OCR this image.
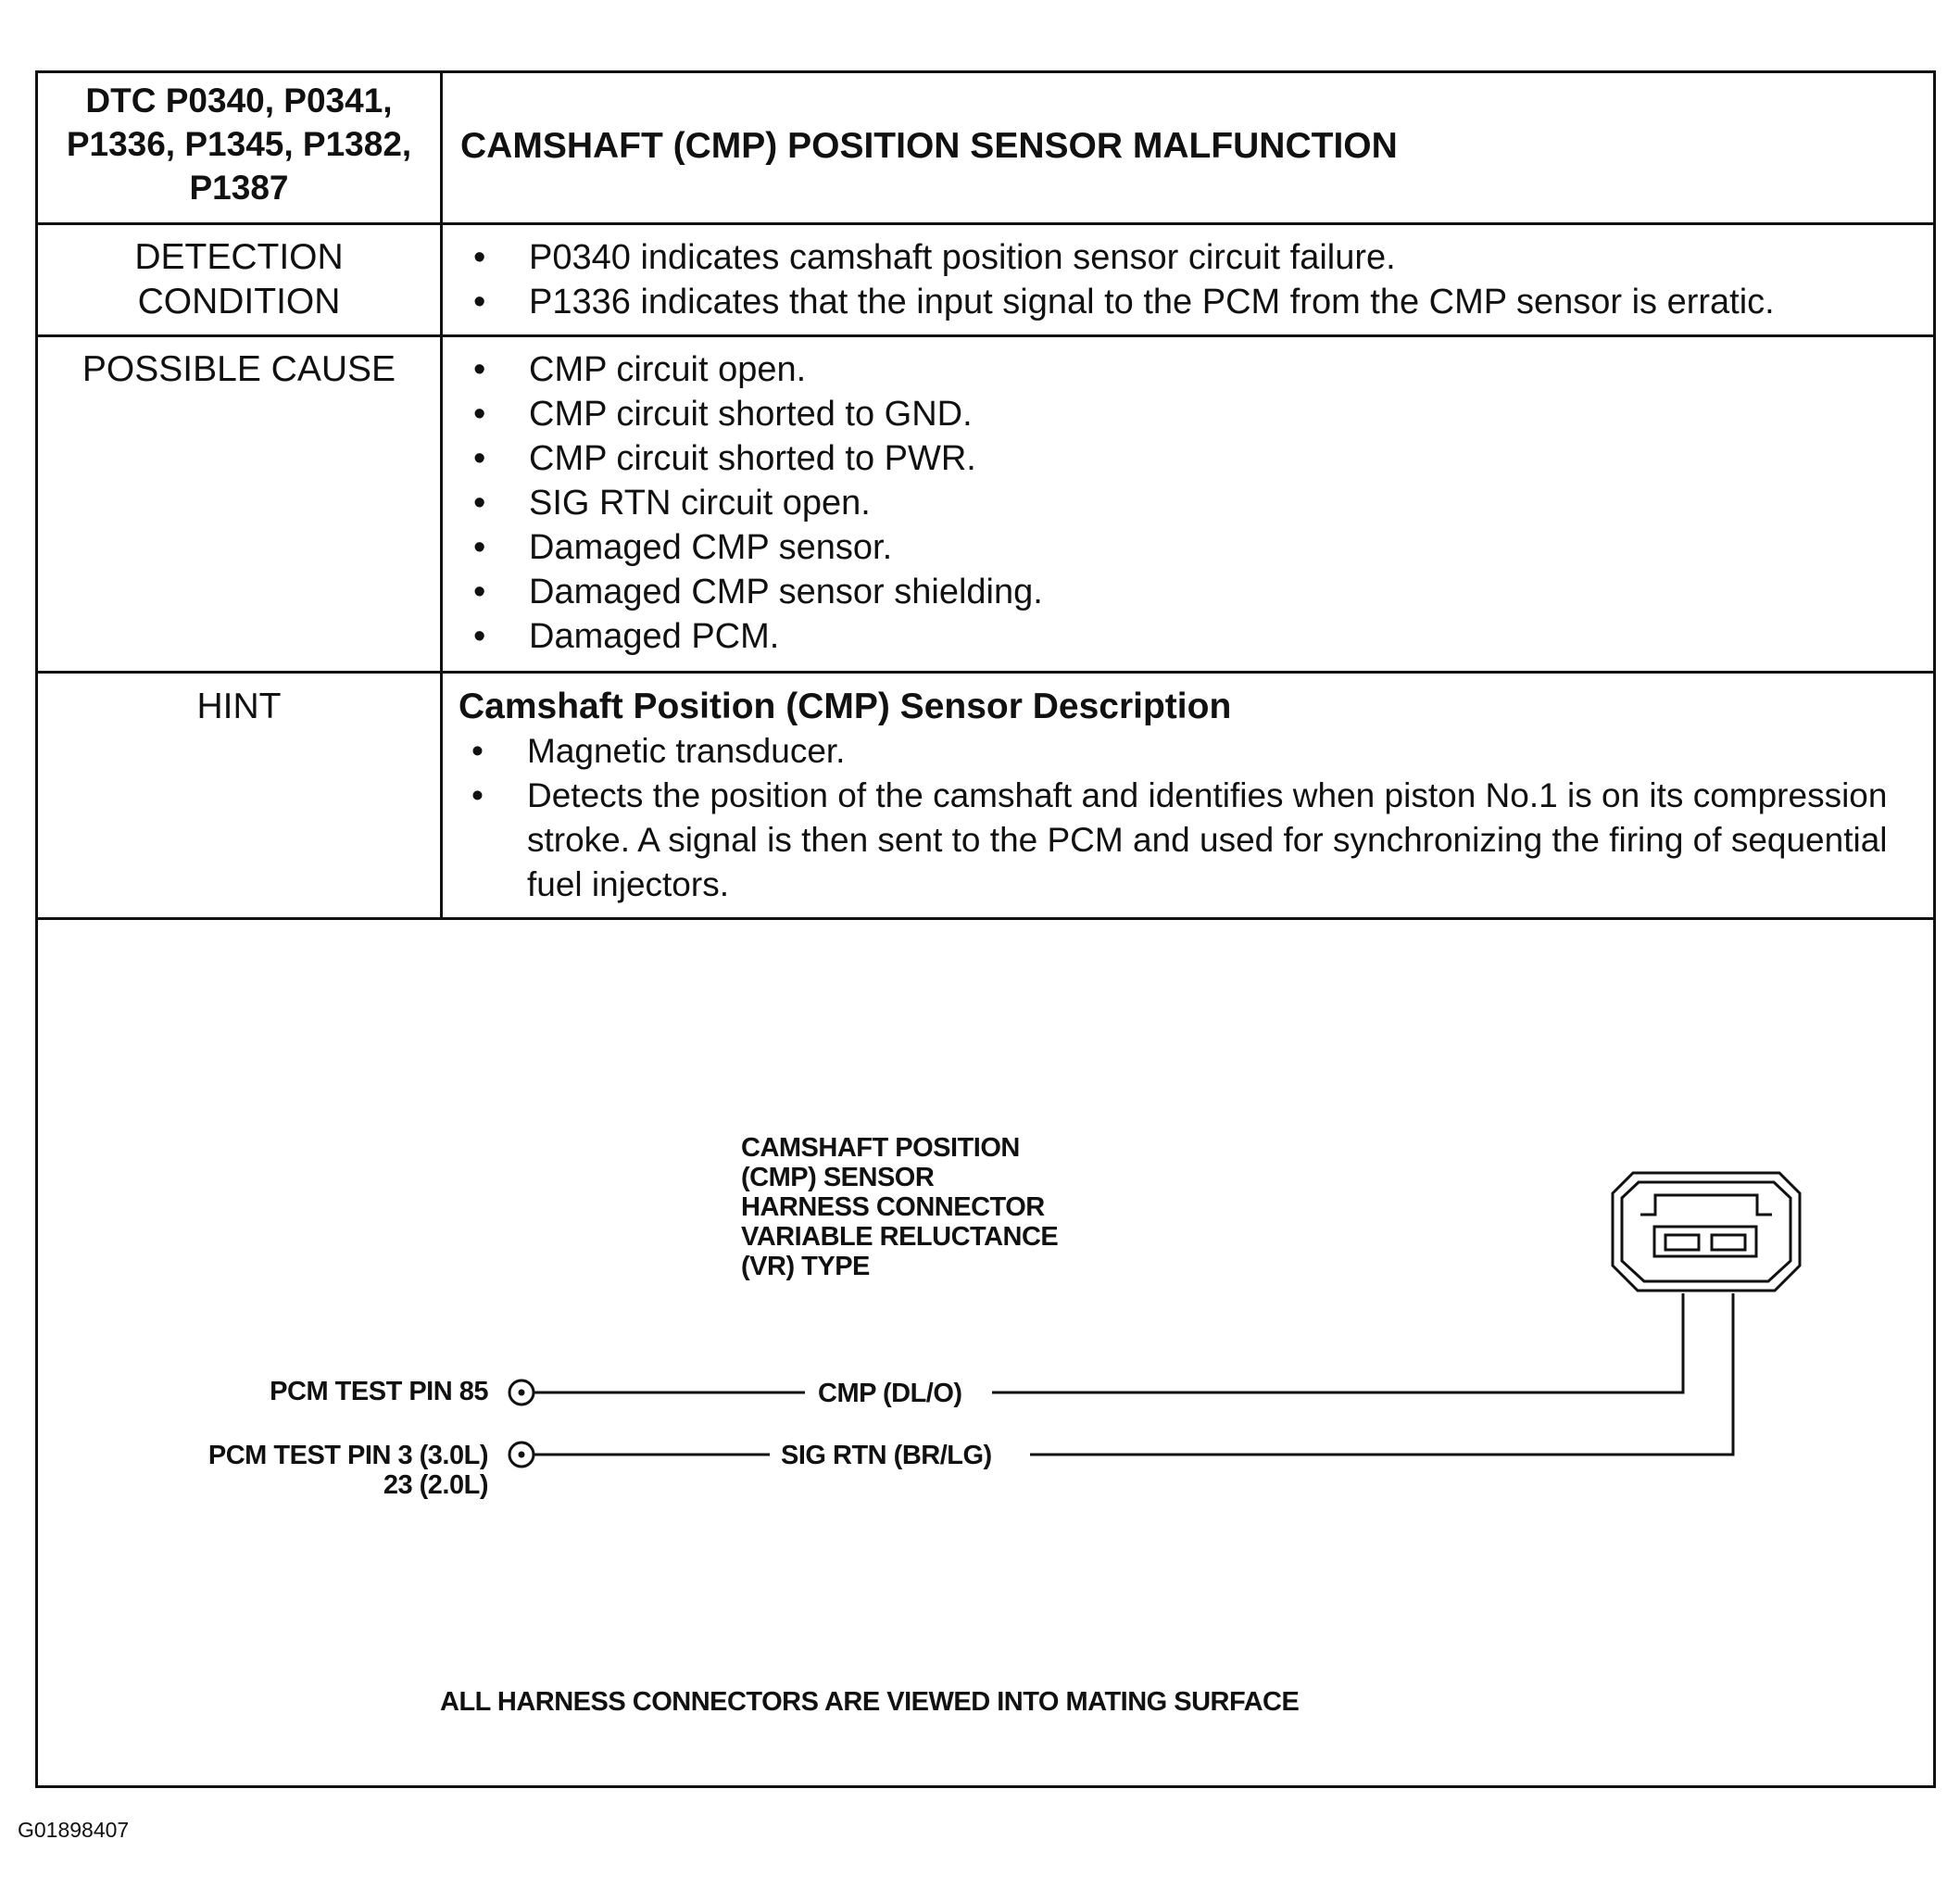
DTC P0340, P0341,
P1336, P1345, P1382,
P1387
CAMSHAFT (CMP) POSITION SENSOR MALFUNCTION
DETECTION
CONDITION
• P0340 indicates camshaft position sensor circuit failure.
• P1336 indicates that the input signal to the PCM from the CMP sensor is erratic.
POSSIBLE CAUSE
•	CMP circuit open.
• CMP circuit shorted to GND.
• CMP circuit shorted to PWR.
• SIG RTN circuit open.
• Damaged CMP sensor.
• Damaged CMP sensor shielding.
• Damaged PCM.
HINT	Camshaft Position (CMP) Sensor Description
• Magnetic transducer.
• Detects the position of the camshaft and identifies when piston No.1 is on its compression stroke. A signal is then sent to the PCM and used for synchronizing the firing of sequential fuel injectors.
CAMSHAFT POSITION
(CMP) SENSOR
HARNESS CONNECTOR
VARIABLE RELUCTANCE
(VR) TYPE
PCM TEST PIN 85
PCM TEST PIN 3 (3.0L)
23 (2.0L)
CMP (DL/O)
SIG RTN (BR/LG)
ALL HARNESS CONNECTORS ARE VIEWED INTO MATING SURFACE
G01898407
